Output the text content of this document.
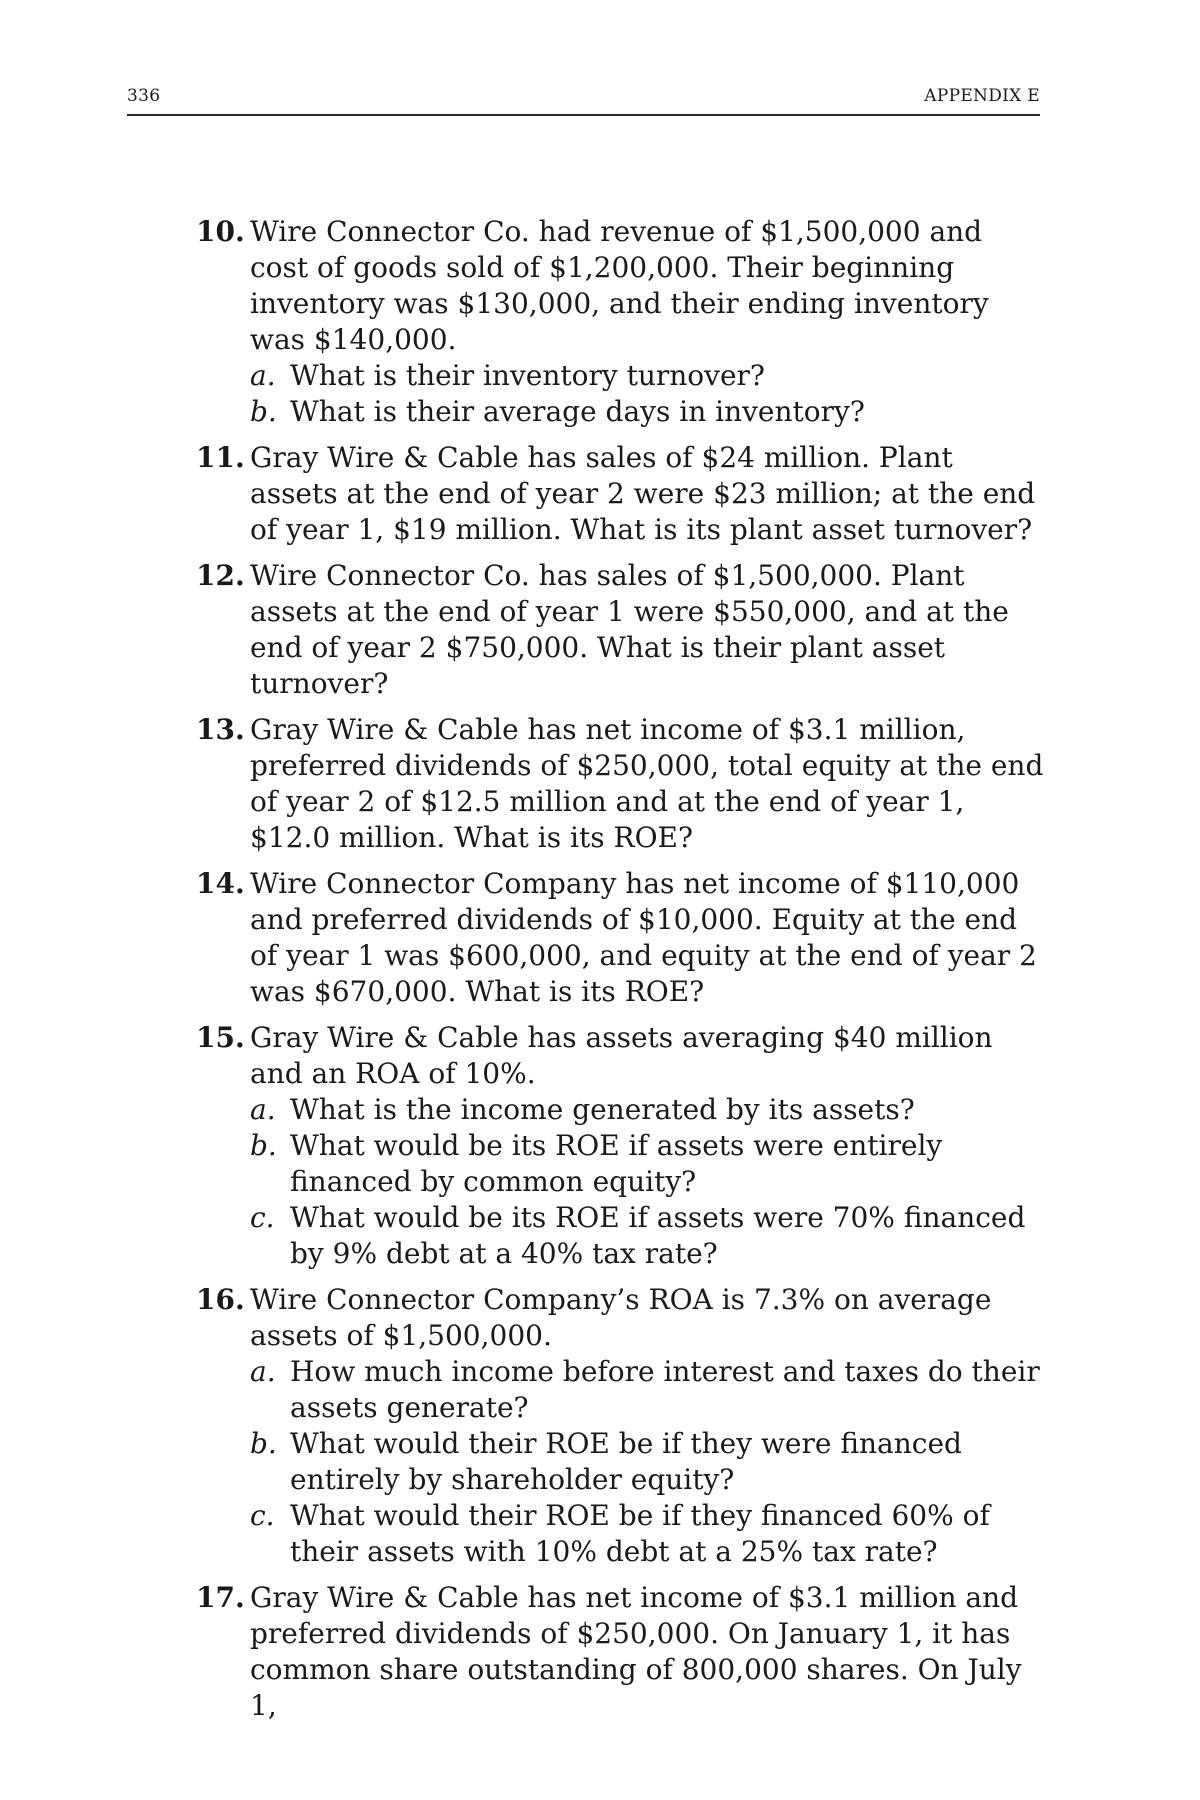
336	APPENDIX E
10. Wire Connector Co. had revenue of $1,500,000 and cost of goods sold of $1,200,000. Their beginning inventory was $130,000, and their ending inventory was $140,000.
a. What is their inventory turnover?
b. What is their average days in inventory?
11. Gray Wire & Cable has sales of $24 million. Plant assets at the end of year 2 were $23 million; at the end of year 1, $19 million. What is its plant asset turnover?
12. Wire Connector Co. has sales of $1,500,000. Plant assets at the end of year 1 were $550,000, and at the end of year 2 $750,000. What is their plant asset turnover?
13. Gray Wire & Cable has net income of $3.1 million, preferred dividends of $250,000, total equity at the end of year 2 of $12.5 million and at the end of year 1, $12.0 million. What is its ROE?
14. Wire Connector Company has net income of $110,000 and preferred dividends of $10,000. Equity at the end of year 1 was $600,000, and equity at the end of year 2 was $670,000. What is its ROE?
15. Gray Wire & Cable has assets averaging $40 million and an ROA of 10%.
a. What is the income generated by its assets?
b. What would be its ROE if assets were entirely financed by common equity?
c. What would be its ROE if assets were 70% financed by 9% debt at a 40% tax rate?
16. Wire Connector Company’s ROA is 7.3% on average assets of $1,500,000.
a. How much income before interest and taxes do their assets generate?
b. What would their ROE be if they were financed entirely by shareholder equity?
c. What would their ROE be if they financed 60% of their assets with 10% debt at a 25% tax rate?
17. Gray Wire & Cable has net income of $3.1 million and preferred dividends of $250,000. On January 1, it has common share outstanding of 800,000 shares. On July 1,
